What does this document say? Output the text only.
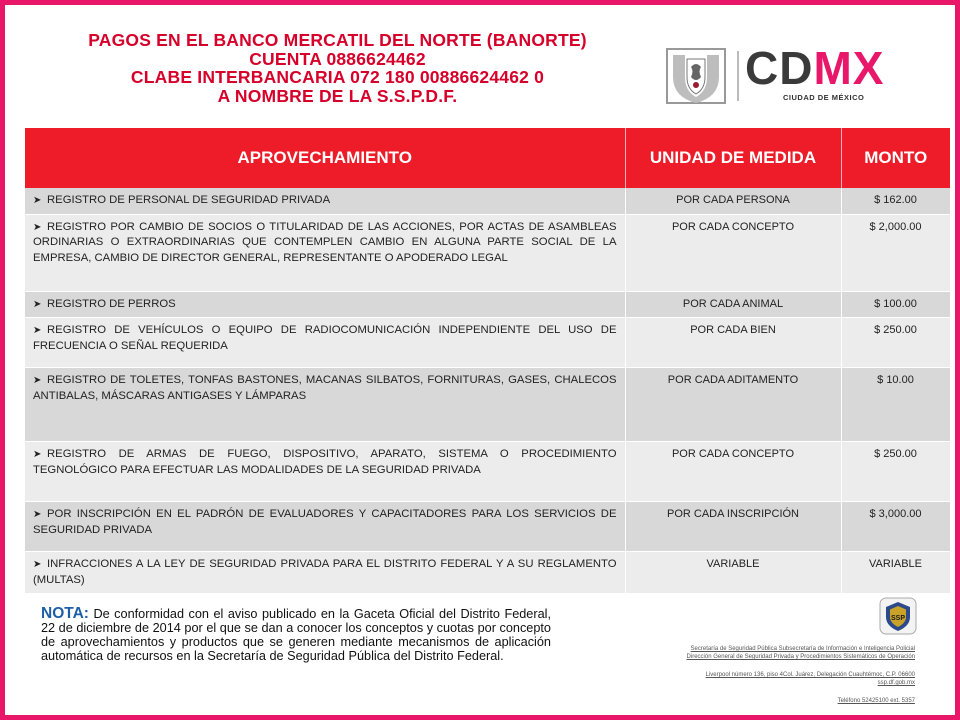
PAGOS EN EL BANCO MERCATIL DEL NORTE (BANORTE)
CUENTA 0886624462
CLABE INTERBANCARIA 072 180 00886624462 0
A NOMBRE DE LA S.S.P.D.F.
CDMX
CIUDAD DE MÉXICO
APROVECHAMIENTO	UNIDAD DE MEDIDA	MONTO
➤ REGISTRO DE PERSONAL DE SEGURIDAD PRIVADA	POR CADA PERSONA	$ 162.00
➤ REGISTRO POR CAMBIO DE SOCIOS O TITULARIDAD DE LAS ACCIONES, POR ACTAS DE ASAMBLEAS ORDINARIAS O EXTRAORDINARIAS QUE CONTEMPLEN CAMBIO EN ALGUNA PARTE SOCIAL DE LA EMPRESA, CAMBIO DE DIRECTOR GENERAL, REPRESENTANTE O APODERADO LEGAL	POR CADA CONCEPTO	$ 2,000.00
➤ REGISTRO DE PERROS	POR CADA ANIMAL	$ 100.00
➤ REGISTRO DE VEHÍCULOS O EQUIPO DE RADIOCOMUNICACIÓN INDEPENDIENTE DEL USO DE FRECUENCIA O SEÑAL REQUERIDA	POR CADA BIEN	$ 250.00
➤ REGISTRO DE TOLETES, TONFAS BASTONES, MACANAS SILBATOS, FORNITURAS, GASES, CHALECOS ANTIBALAS, MÁSCARAS ANTIGASES Y LÁMPARAS	POR CADA ADITAMENTO	$ 10.00
➤ REGISTRO DE ARMAS DE FUEGO, DISPOSITIVO, APARATO, SISTEMA O PROCEDIMIENTO TEGNOLÓGICO PARA EFECTUAR LAS MODALIDADES DE LA SEGURIDAD PRIVADA	POR CADA CONCEPTO	$ 250.00
➤ POR INSCRIPCIÓN EN EL PADRÓN DE EVALUADORES Y CAPACITADORES PARA LOS SERVICIOS DE SEGURIDAD PRIVADA	POR CADA INSCRIPCIÓN	$ 3,000.00
➤ INFRACCIONES A LA LEY DE SEGURIDAD PRIVADA PARA EL DISTRITO FEDERAL Y A SU REGLAMENTO (MULTAS)	VARIABLE	VARIABLE
NOTA: De conformidad con el aviso publicado en la Gaceta Oficial del Distrito Federal, 22 de diciembre de 2014 por el que se dan a conocer los conceptos y cuotas por concepto de aprovechamientos y productos que se generen mediante mecanismos de aplicación automática de recursos en la Secretaría de Seguridad Pública del Distrito Federal.
SSP
Secretaría de Seguridad Pública Subsecretaría de Información e Inteligencia Policial
Dirección General de Seguridad Privada y Procedimientos Sistemáticos de Operación
Liverpool número 136, piso 4Col. Juárez, Delegación Cuauhtémoc, C.P. 06600
ssp.df.gob.mx
Teléfono 52425100 ext. 5357
